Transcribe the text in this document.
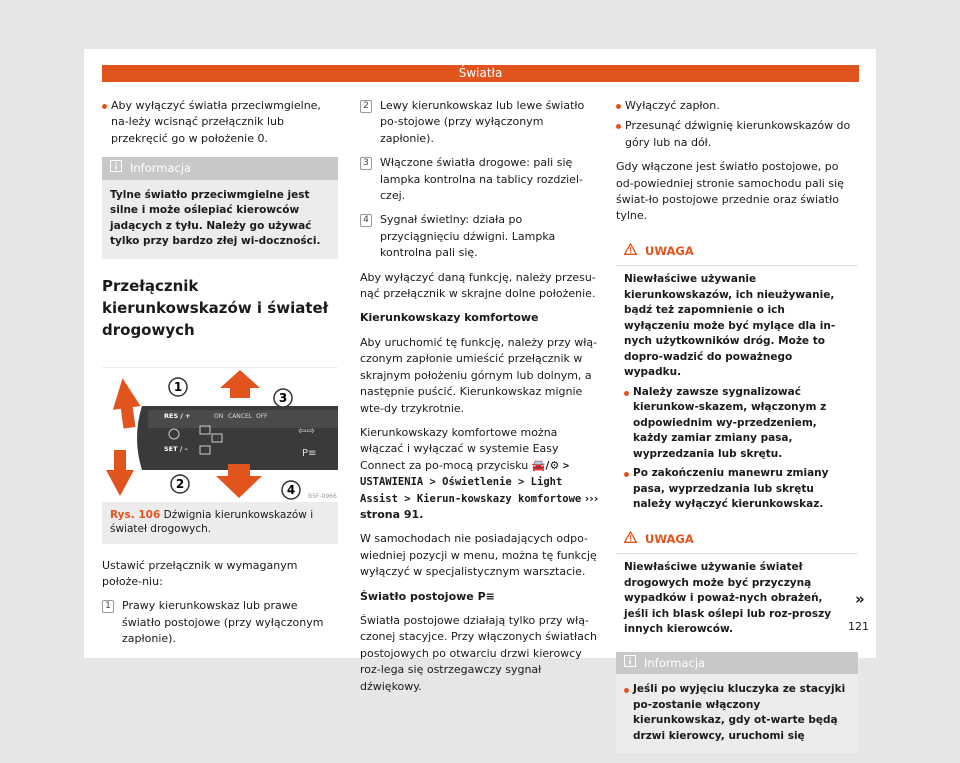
Światła

Aby wyłączyć światła przeciwmgielne, na-leży wcisnąć przełącznik lub przekręcić go w położenie 0.

Informacja
Tylne światło przeciwmgielne jest silne i może oślepiać kierowców jadących z tyłu. Należy go używać tylko przy bardzo złej wi-doczności.
Przełącznik kierunkowskazów i świateł drogowych
1
3
2	4
ON CANCEL OFF
RES / +
SET / –
⇦⇨
P≡
B5F-0966
Rys. 106 Dźwignia kierunkowskazów i świateł drogowych.

Ustawić przełącznik w wymaganym położe-niu:

1 Prawy kierunkowskaz lub prawe światło postojowe (przy wyłączonym zapłonie).
2 Lewy kierunkowskaz lub lewe światło po-stojowe (przy wyłączonym zapłonie).
3 Włączone światła drogowe: pali się lampka kontrolna na tablicy rozdziel-czej.
4 Sygnał świetlny: działa po przyciągnięciu dźwigni. Lampka kontrolna pali się.

Aby wyłączyć daną funkcję, należy przesu-nąć przełącznik w skrajne dolne położenie.

Kierunkowskazy komfortowe

Aby uruchomić tę funkcję, należy przy włą-czonym zapłonie umieścić przełącznik w skrajnym położeniu górnym lub dolnym, a następnie puścić. Kierunkowskaz mignie wte-dy trzykrotnie.

Kierunkowskazy komfortowe można włączać i wyłączać w systemie Easy Connect za po-mocą przycisku 🚘/⚙ > USTAWIENIA > Oświetlenie > Light Assist > Kierun-kowskazy komfortowe ››› strona 91.

W samochodach nie posiadających odpo-wiedniej pozycji w menu, można tę funkcję wyłączyć w specjalistycznym warsztacie.

Światło postojowe P≡

Światła postojowe działają tylko przy włą-czonej stacyjce. Przy włączonych światłach postojowych po otwarciu drzwi kierowcy roz-lega się ostrzegawczy sygnał dźwiękowy.

Wyłączyć zapłon.

Przesunąć dźwignię kierunkowskazów do góry lub na dół.

Gdy włączone jest światło postojowe, po od-powiedniej stronie samochodu pali się świat-ło postojowe przednie oraz światło tylne.

UWAGA
Niewłaściwe używanie kierunkowskazów, ich nieużywanie, bądź też zapomnienie o ich wyłączeniu może być mylące dla in-nych użytkowników dróg. Może to dopro-wadzić do poważnego wypadku.
Należy zawsze sygnalizować kierunkow-skazem, włączonym z odpowiednim wy-przedzeniem, każdy zamiar zmiany pasa, wyprzedzania lub skrętu.
Po zakończeniu manewru zmiany pasa, wyprzedzania lub skrętu należy wyłączyć kierunkowskaz.
UWAGA
Niewłaściwe używanie świateł drogowych może być przyczyną wypadków i poważ-nych obrażeń, jeśli ich blask oślepi lub roz-proszy innych kierowców.
Informacja
Jeśli po wyjęciu kluczyka ze stacyjki po-zostanie włączony kierunkowskaz, gdy ot-warte będą drzwi kierowcy, uruchomi się
»
121
